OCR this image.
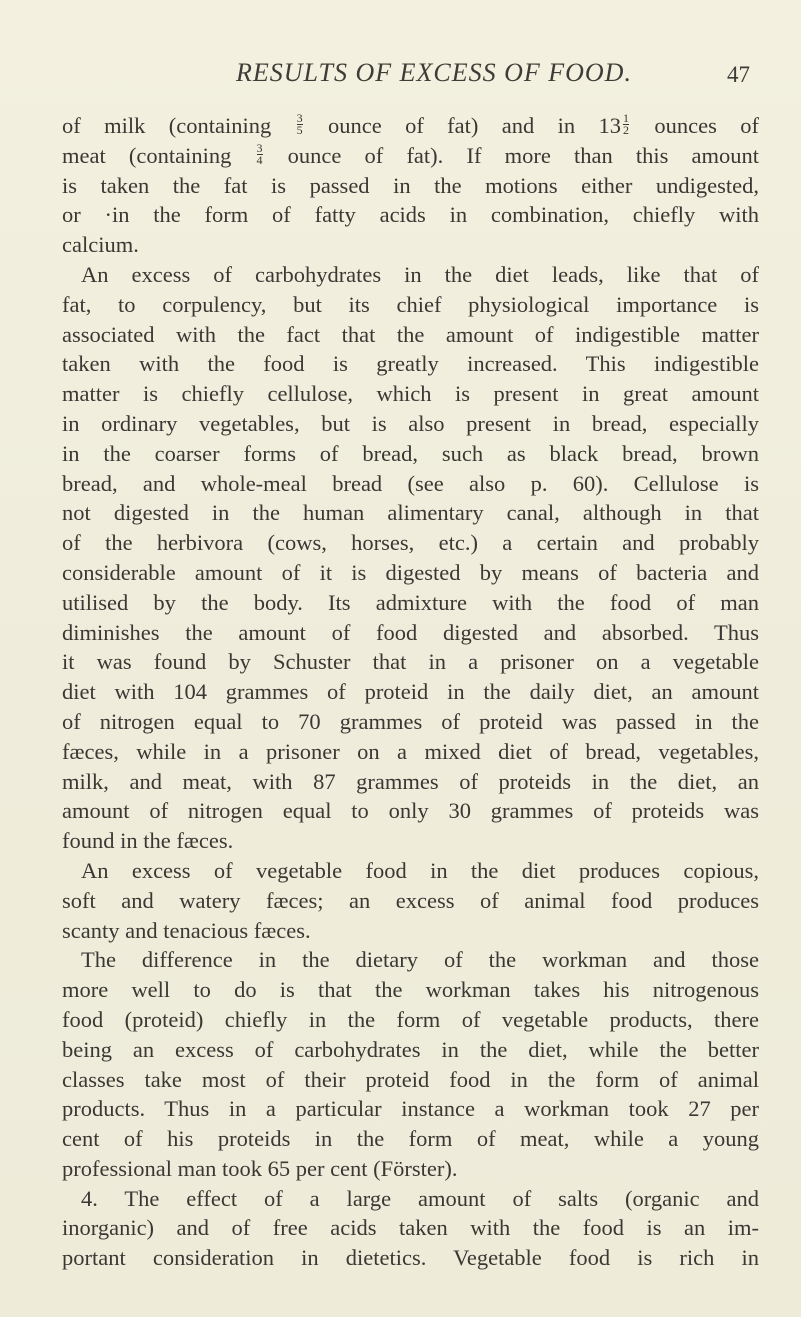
RESULTS OF EXCESS OF FOOD.	47
of milk (containing $\frac{3}{5}$ ounce of fat) and in $13 \frac{1}{2}$ ounces of
meat (containing $\frac{3}{4}$ ounce of fat). If more than this amount
is taken the fat is passed in the motions either undigested,
or ·in the form of fatty acids in combination, chiefly with
calcium.
An excess of carbohydrates in the diet leads, like that of
fat, to corpulency, but its chief physiological importance is
associated with the fact that the amount of indigestible matter
taken with the food is greatly increased. This indigestible
matter is chiefly cellulose, which is present in great amount
in ordinary vegetables, but is also present in bread, especially
in the coarser forms of bread, such as black bread, brown
bread, and whole-meal bread (see also p. 60). Cellulose is
not digested in the human alimentary canal, although in that
of the herbivora (cows, horses, etc.) a certain and probably
considerable amount of it is digested by means of bacteria and
utilised by the body. Its admixture with the food of man
diminishes the amount of food digested and absorbed. Thus
it was found by Schuster that in a prisoner on a vegetable
diet with 104 grammes of proteid in the daily diet, an amount
of nitrogen equal to 70 grammes of proteid was passed in the
fæces, while in a prisoner on a mixed diet of bread, vegetables,
milk, and meat, with 87 grammes of proteids in the diet, an
amount of nitrogen equal to only 30 grammes of proteids was
found in the fæces.
An excess of vegetable food in the diet produces copious,
soft and watery fæces; an excess of animal food produces
scanty and tenacious fæces.
The difference in the dietary of the workman and those
more well to do is that the workman takes his nitrogenous
food (proteid) chiefly in the form of vegetable products, there
being an excess of carbohydrates in the diet, while the better
classes take most of their proteid food in the form of animal
products. Thus in a particular instance a workman took 27 per
cent of his proteids in the form of meat, while a young
professional man took 65 per cent (Förster).
4. The effect of a large amount of salts (organic and
inorganic) and of free acids taken with the food is an im-
portant consideration in dietetics. Vegetable food is rich in
